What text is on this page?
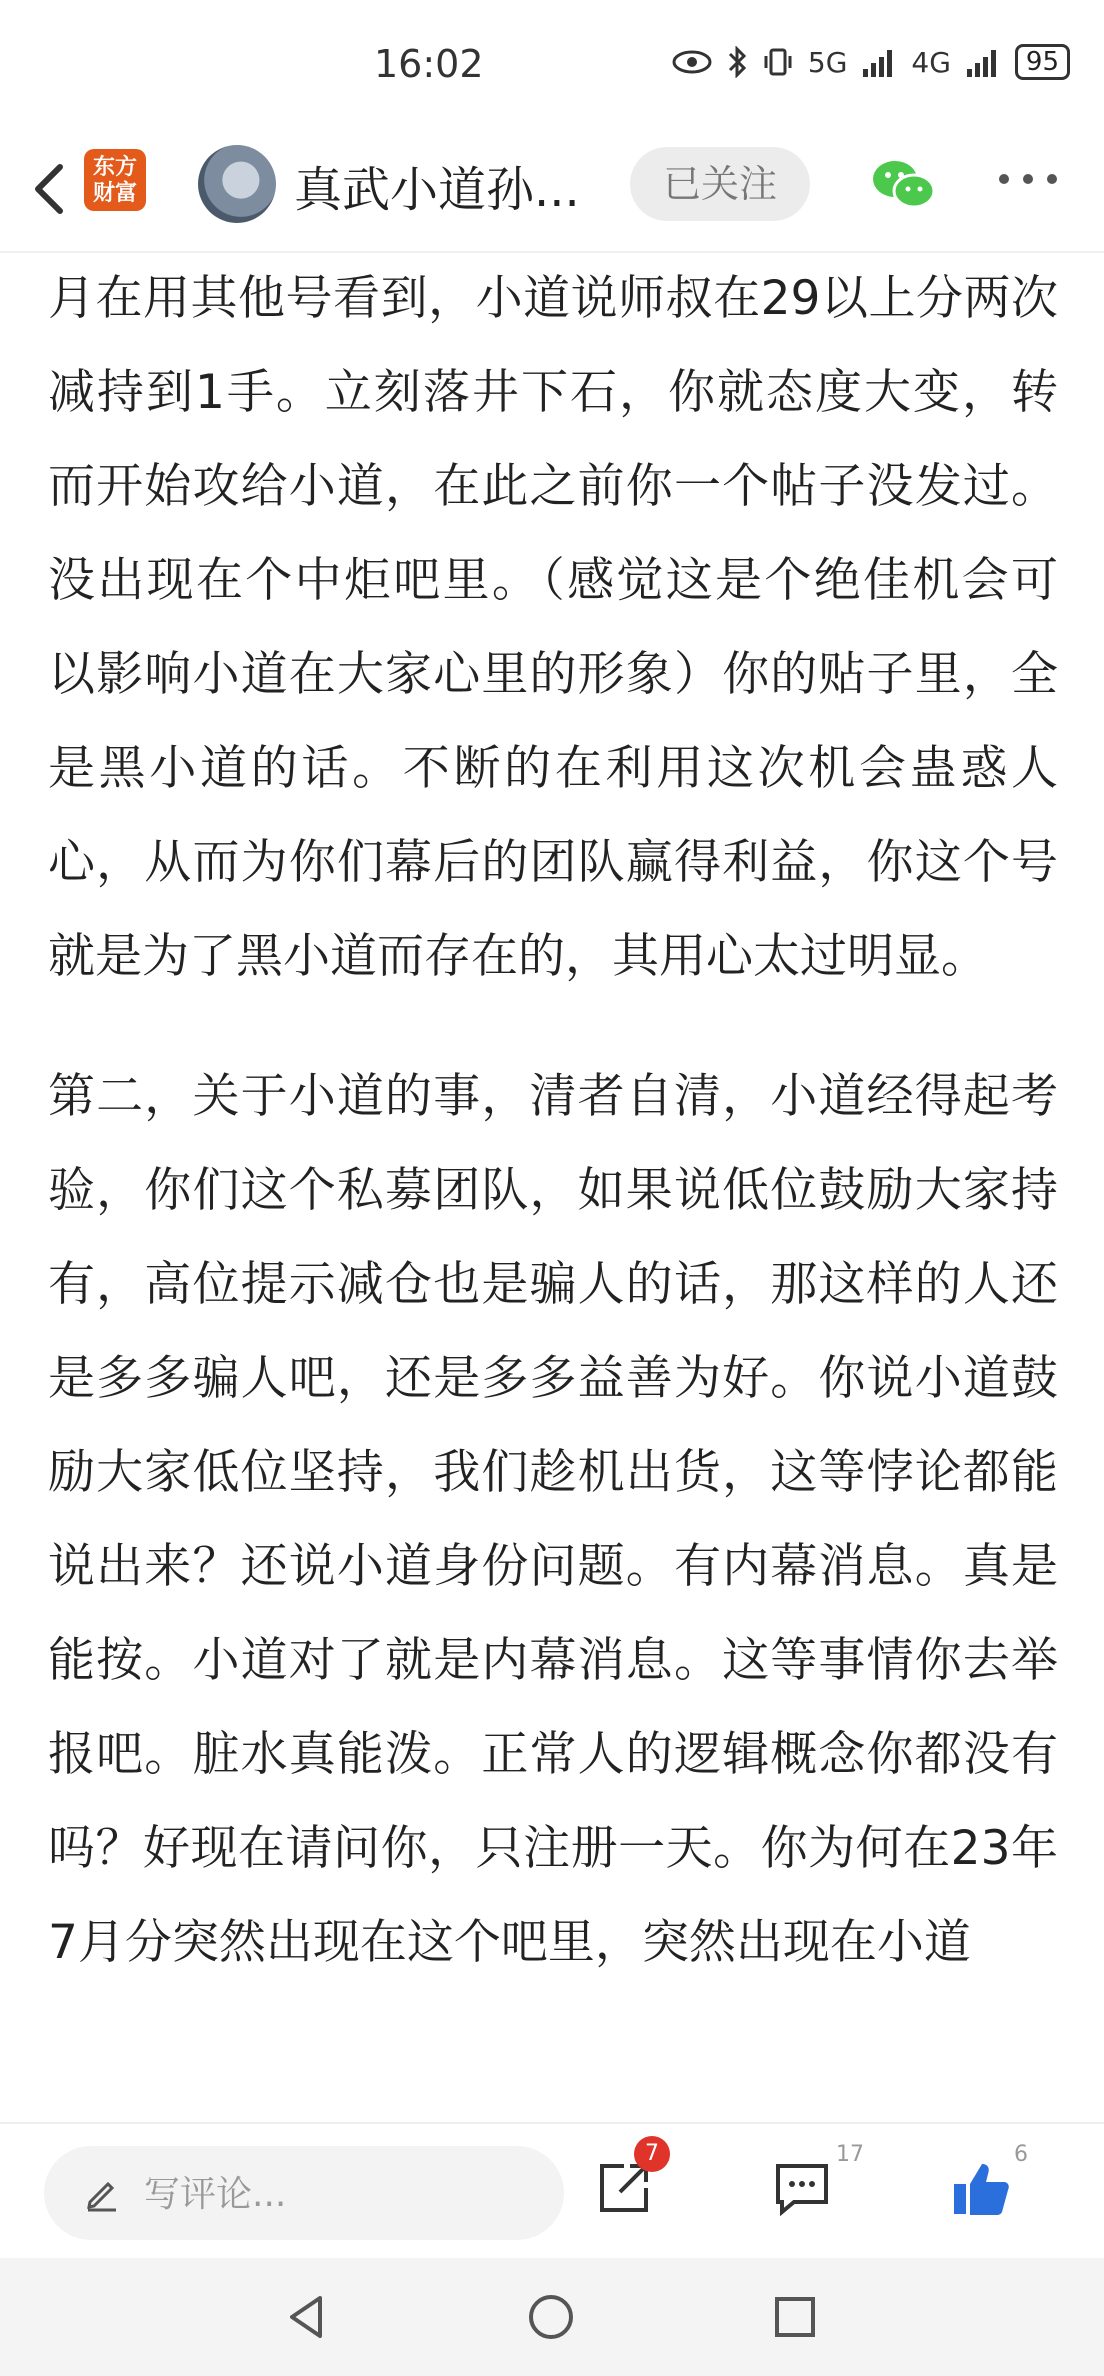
16:02	5G 4G	95
东方
财富	真武小道孙...	已关注

月在用其他号看到，小道说师叔在29以上分两次减持到1手。立刻落井下石，你就态度大变，转而开始攻给小道，在此之前你一个帖子没发过。没出现在个中炬吧里。（感觉这是个绝佳机会可以影响小道在大家心里的形象）你的贴子里，全是黑小道的话。不断的在利用这次机会蛊惑人心，从而为你们幕后的团队赢得利益，你这个号就是为了黑小道而存在的，其用心太过明显。

第二，关于小道的事，清者自清，小道经得起考验，你们这个私募团队，如果说低位鼓励大家持有，高位提示减仓也是骗人的话，那这样的人还是多多骗人吧，还是多多益善为好。你说小道鼓励大家低位坚持，我们趁机出货，这等悖论都能说出来？还说小道身份问题。有内幕消息。真是能按。小道对了就是内幕消息。这等事情你去举报吧。脏水真能泼。正常人的逻辑概念你都没有吗？好现在请问你，只注册一天。你为何在23年7月分突然出现在这个吧里，突然出现在小道

写评论...
7	17	6
